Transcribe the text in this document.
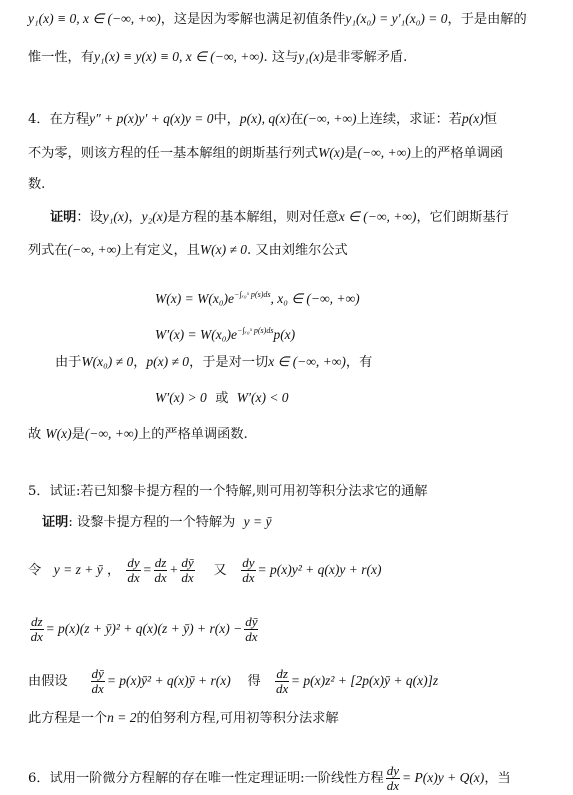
y₁(x) ≡ 0, x ∈ (−∞, +∞)，这是因为零解也满足初值条件y₁(x₀) = y′₁(x₀) = 0，于是由解的
惟一性，有y₁(x) ≡ y(x) ≡ 0, x ∈ (−∞, +∞). 这与y₁(x)是非零解矛盾.
4．在方程y″ + p(x)y′ + q(x)y = 0中，p(x), q(x)在(−∞, +∞)上连续，求证：若p(x)恒
不为零，则该方程的任一基本解组的朗斯基行列式W(x)是(−∞, +∞)上的严格单调函
数.
证明：设y₁(x)，y₂(x)是方程的基本解组，则对任意x ∈ (−∞, +∞)，它们朗斯基行
列式在(−∞, +∞)上有定义，且W(x) ≠ 0. 又由刘维尔公式
$W(x) = W(x_0)e^{-\int_{x0}ˣ p(s)ds}$, x₀ ∈ (−∞, +∞)
$W'(x) = W(x_0)e^{-\int_{x0}ˣ p(s)ds}p(x)$
由于W(x₀) ≠ 0，p(x) ≠ 0，于是对一切x ∈ (−∞, +∞)，有
W′(x) > 0 或 W′(x) < 0
故 W(x)是(−∞, +∞)上的严格单调函数.
5．试证:若已知黎卡提方程的一个特解,则可用初等积分法求它的通解
证明: 设黎卡提方程的一个特解为 y = ȳ
令 y = z + ȳ ， $\frac{dy}{dx} = \frac{dz}{dx} + \frac{dȳ}{dx}$ 又 $\frac{dy}{dx} = p(x)y^2 + q(x)y + r(x)$
$\frac{dz}{dx} = p(x)(z$ + ȳ)² + q(x)(z + ȳ) + $r(x) - \frac{dȳ}{dx}$
由假设 $\frac{dȳ}{dx}$ = p(x)ȳ² + q(x)ȳ + r(x) 得 $\frac{dz}{dx} = p(x)z^2$ + [2p(x)ȳ + q(x)]z
此方程是一个n = 2的伯努利方程,可用初等积分法求解
6．试用一阶微分方程解的存在唯一性定理证明:一阶线性方程 $\frac{dy}{dx} = P(x)y + Q(x)$，当
